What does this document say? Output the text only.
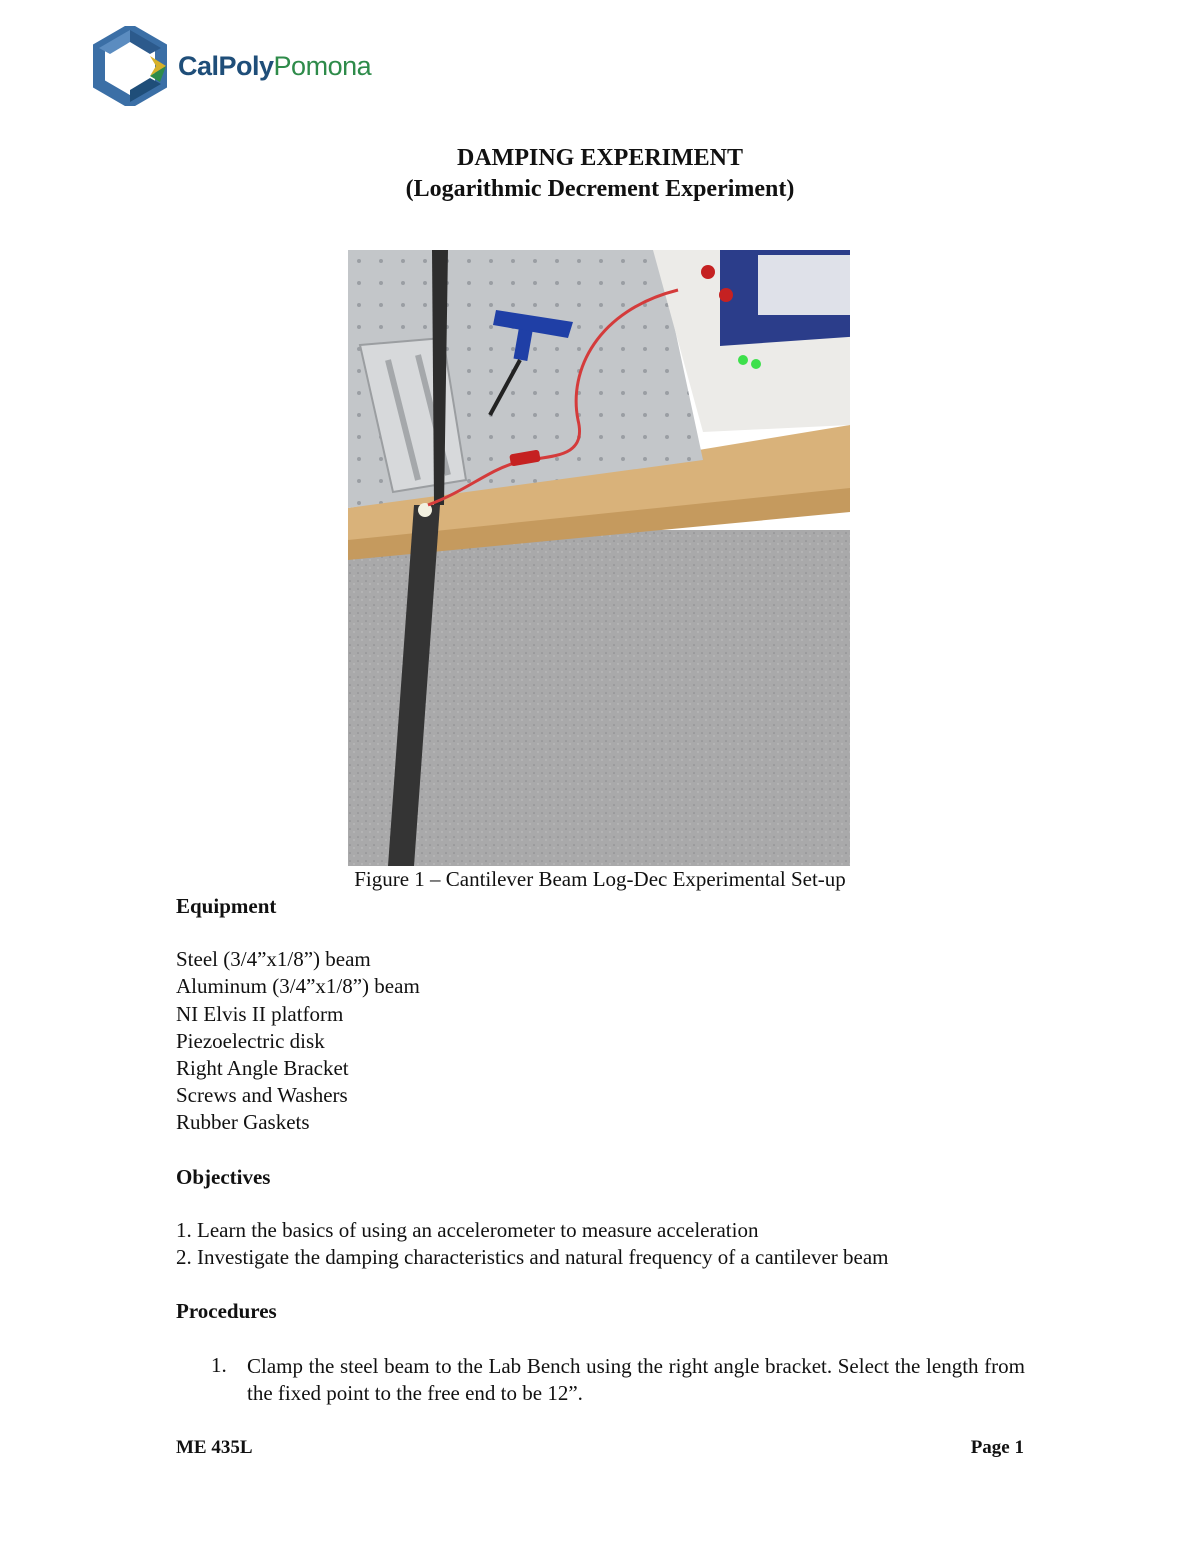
CalPolyPomona
DAMPING EXPERIMENT
(Logarithmic Decrement Experiment)
Figure 1 – Cantilever Beam Log-Dec Experimental Set-up
Equipment
Steel (3/4”x1/8”) beam
Aluminum (3/4”x1/8”) beam
NI Elvis II platform
Piezoelectric disk
Right Angle Bracket
Screws and Washers
Rubber Gaskets
Objectives
1. Learn the basics of using an accelerometer to measure acceleration
2. Investigate the damping characteristics and natural frequency of a cantilever beam
Procedures
1. Clamp the steel beam to the Lab Bench using the right angle bracket. Select the length from the fixed point to the free end to be 12”.
ME 435L	Page 1
